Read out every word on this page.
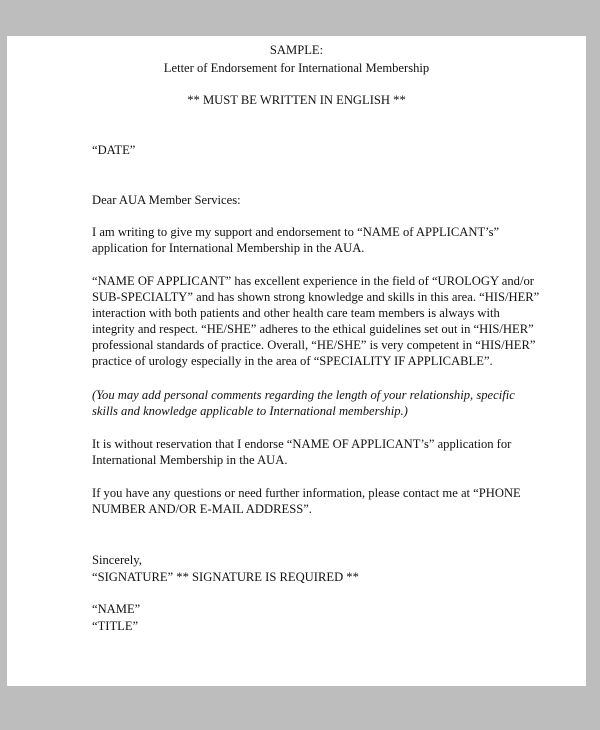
SAMPLE:
Letter of Endorsement for International Membership
** MUST BE WRITTEN IN ENGLISH **
“DATE”
Dear AUA Member Services:
I am writing to give my support and endorsement to “NAME of APPLICANT’s”
application for International Membership in the AUA.
“NAME OF APPLICANT” has excellent experience in the field of “UROLOGY and/or
SUB-SPECIALTY” and has shown strong knowledge and skills in this area. “HIS/HER”
interaction with both patients and other health care team members is always with
integrity and respect. “HE/SHE” adheres to the ethical guidelines set out in “HIS/HER”
professional standards of practice. Overall, “HE/SHE” is very competent in “HIS/HER”
practice of urology especially in the area of “SPECIALITY IF APPLICABLE”.
(You may add personal comments regarding the length of your relationship, specific
skills and knowledge applicable to International membership.)
It is without reservation that I endorse “NAME OF APPLICANT’s” application for
International Membership in the AUA.
If you have any questions or need further information, please contact me at “PHONE
NUMBER AND/OR E-MAIL ADDRESS”.
Sincerely,
“SIGNATURE” ** SIGNATURE IS REQUIRED **
“NAME”
“TITLE”
